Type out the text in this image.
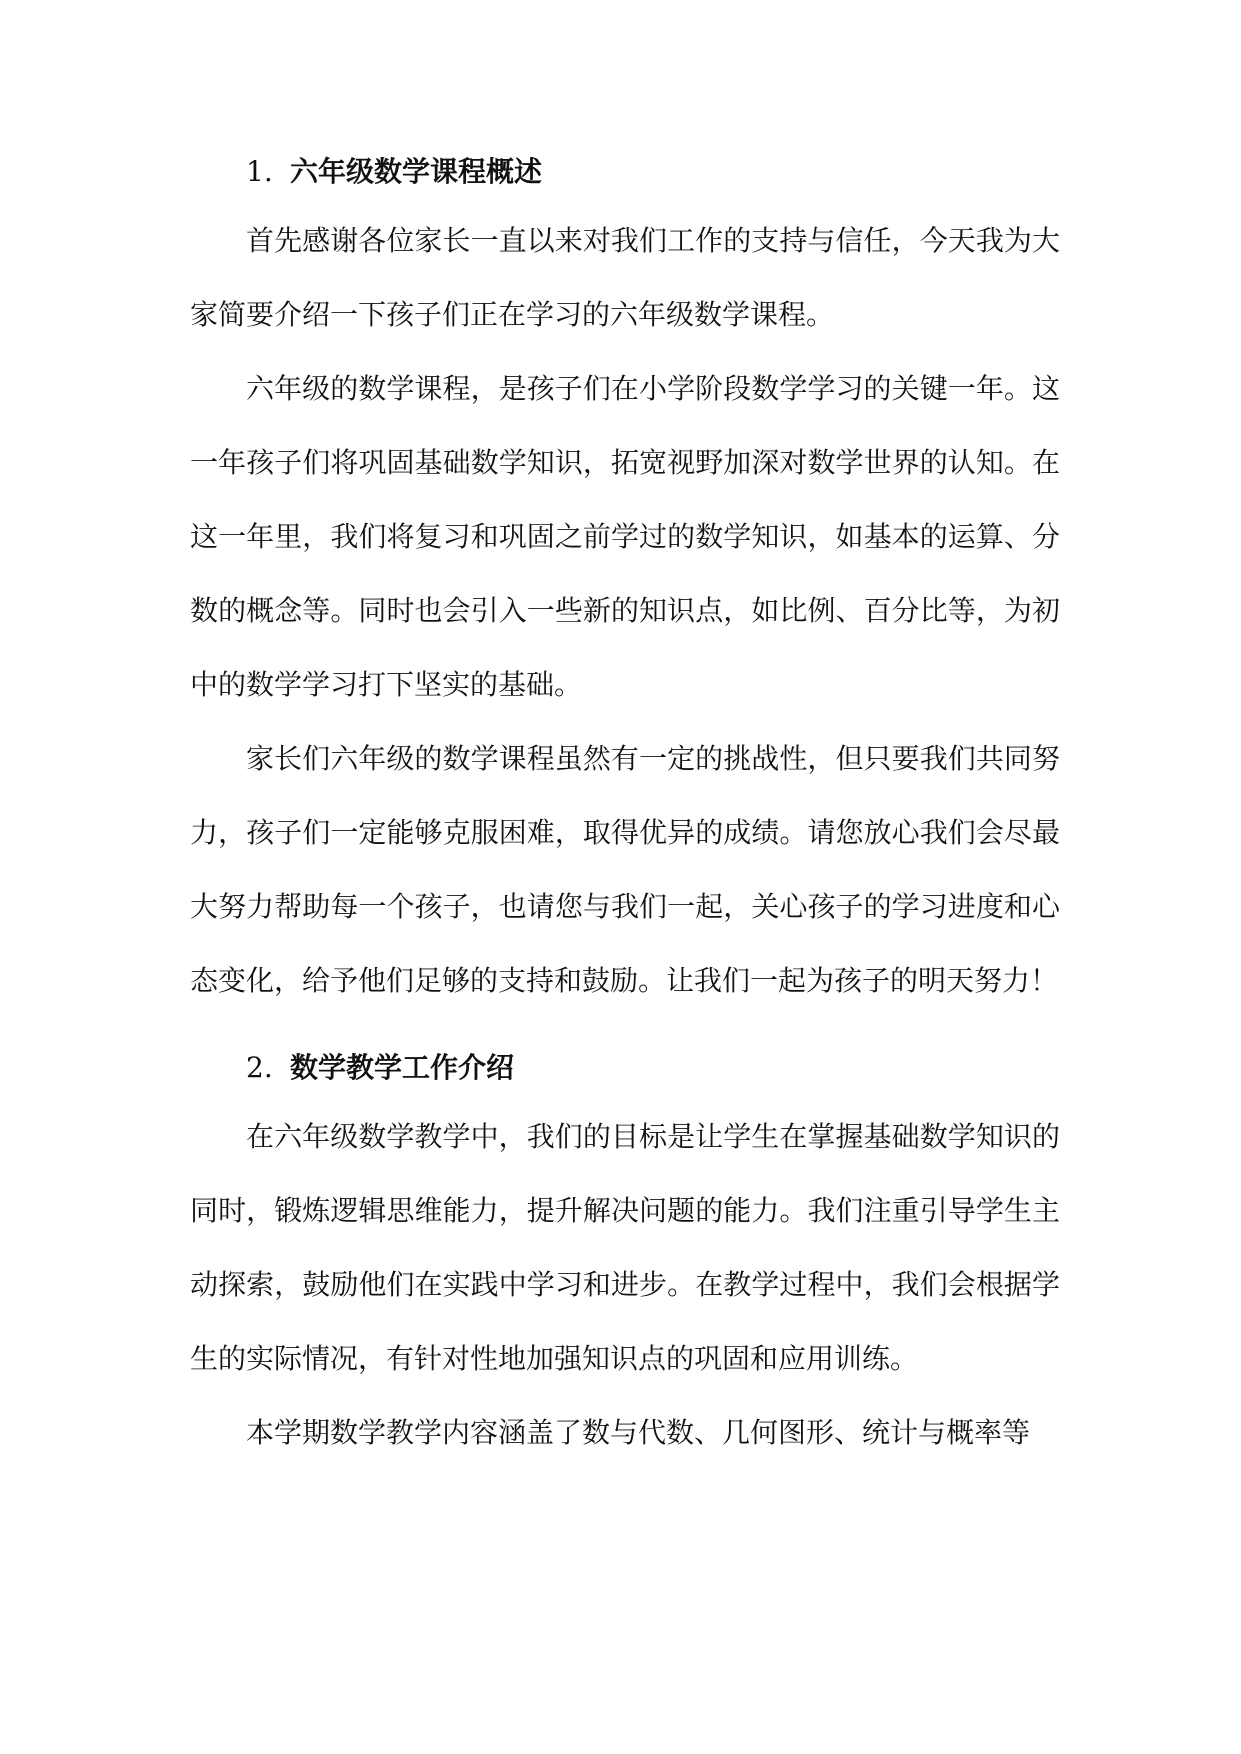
1. 六年级数学课程概述

首先感谢各位家长一直以来对我们工作的支持与信任，今天我为大家简要介绍一下孩子们正在学习的六年级数学课程。

六年级的数学课程，是孩子们在小学阶段数学学习的关键一年。这一年孩子们将巩固基础数学知识，拓宽视野加深对数学世界的认知。在这一年里，我们将复习和巩固之前学过的数学知识，如基本的运算、分数的概念等。同时也会引入一些新的知识点，如比例、百分比等，为初中的数学学习打下坚实的基础。

家长们六年级的数学课程虽然有一定的挑战性，但只要我们共同努力，孩子们一定能够克服困难，取得优异的成绩。请您放心我们会尽最大努力帮助每一个孩子，也请您与我们一起，关心孩子的学习进度和心态变化，给予他们足够的支持和鼓励。让我们一起为孩子的明天努力！

2. 数学教学工作介绍

在六年级数学教学中，我们的目标是让学生在掌握基础数学知识的同时，锻炼逻辑思维能力，提升解决问题的能力。我们注重引导学生主动探索，鼓励他们在实践中学习和进步。在教学过程中，我们会根据学生的实际情况，有针对性地加强知识点的巩固和应用训练。

本学期数学教学内容涵盖了数与代数、几何图形、统计与概率等
